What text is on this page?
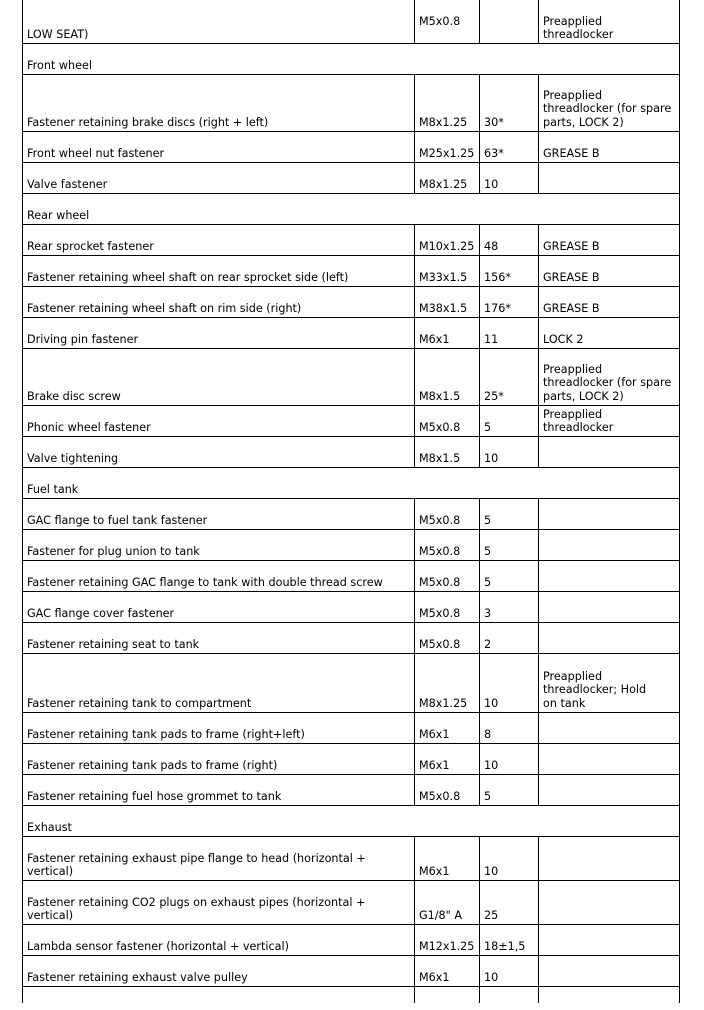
LOW SEAT)	M5x0.8		Preapplied threadlocker
Front wheel			
Fastener retaining brake discs (right + left)	M8x1.25	30*	Preapplied threadlocker (for spare parts, LOCK 2)
Front wheel nut fastener	M25x1.25	63*	GREASE B
Valve fastener	M8x1.25	10	
Rear wheel			
Rear sprocket fastener	M10x1.25	48	GREASE B
Fastener retaining wheel shaft on rear sprocket side (left)	M33x1.5	156*	GREASE B
Fastener retaining wheel shaft on rim side (right)	M38x1.5	176*	GREASE B
Driving pin fastener	M6x1	11	LOCK 2
Brake disc screw	M8x1.5	25*	Preapplied threadlocker (for spare parts, LOCK 2)
Phonic wheel fastener	M5x0.8	5	Preapplied threadlocker
Valve tightening	M8x1.5	10	
Fuel tank			
GAC flange to fuel tank fastener	M5x0.8	5	
Fastener for plug union to tank	M5x0.8	5	
Fastener retaining GAC flange to tank with double thread screw	M5x0.8	5	
GAC flange cover fastener	M5x0.8	3	
Fastener retaining seat to tank	M5x0.8	2	
Fastener retaining tank to compartment	M8x1.25	10	Preapplied threadlocker; Hold on tank
Fastener retaining tank pads to frame (right+left)	M6x1	8	
Fastener retaining tank pads to frame (right)	M6x1	10	
Fastener retaining fuel hose grommet to tank	M5x0.8	5	
Exhaust			
Fastener retaining exhaust pipe flange to head (horizontal + vertical)	M6x1	10	
Fastener retaining CO2 plugs on exhaust pipes (horizontal + vertical)	G1/8" A	25	
Lambda sensor fastener (horizontal + vertical)	M12x1.25	18±1,5	
Fastener retaining exhaust valve pulley	M6x1	10	
